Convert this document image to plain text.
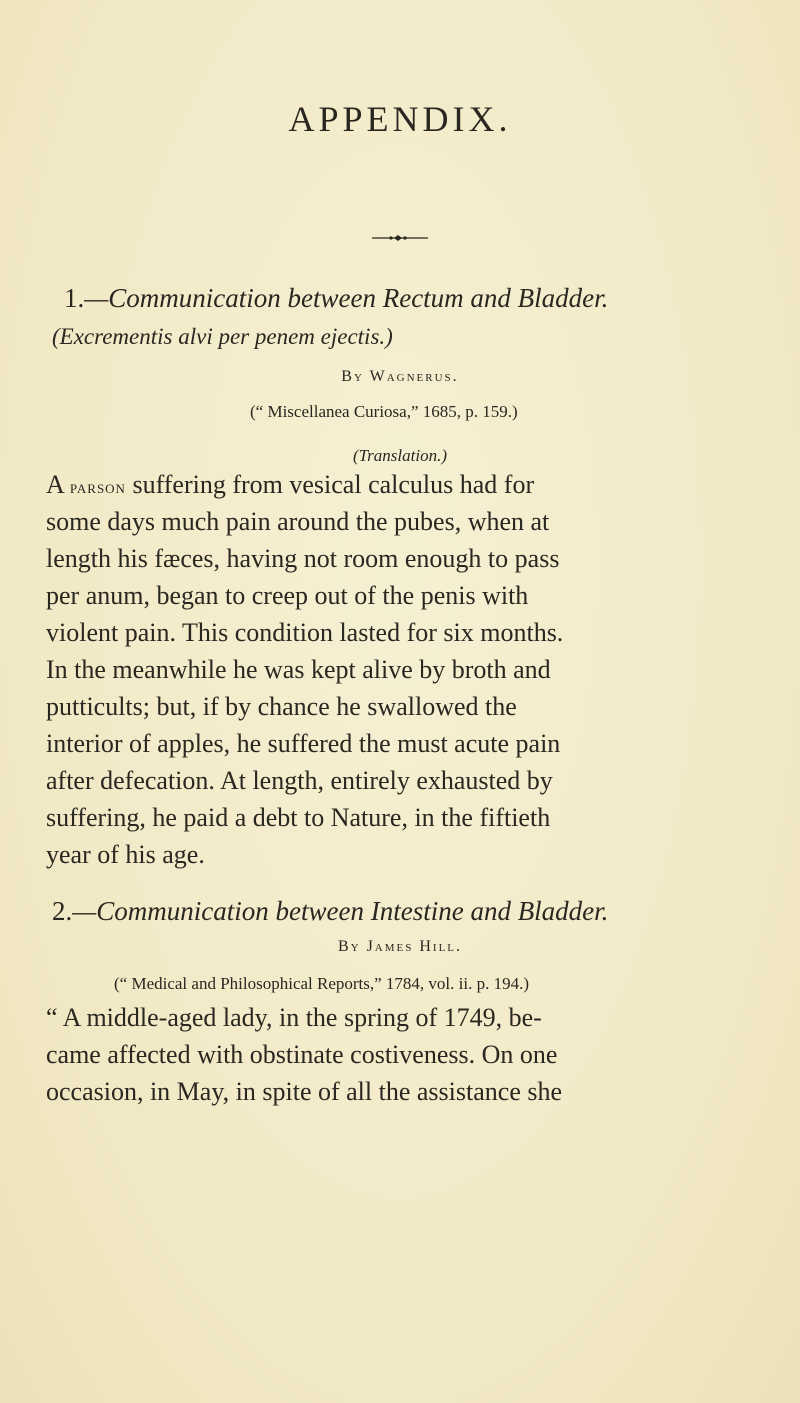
APPENDIX.
1.—Communication between Rectum and Bladder.
(Excrementis alvi per penem ejectis.)
By Wagnerus.
(“ Miscellanea Curiosa,” 1685, p. 159.)
(Translation.)
A parson suffering from vesical calculus had for
some days much pain around the pubes, when at
length his fæces, having not room enough to pass
per anum, began to creep out of the penis with
violent pain. This condition lasted for six months.
In the meanwhile he was kept alive by broth and
putticults; but, if by chance he swallowed the
interior of apples, he suffered the must acute pain
after defecation. At length, entirely exhausted by
suffering, he paid a debt to Nature, in the fiftieth
year of his age.
2.—Communication between Intestine and Bladder.
By James Hill.
(“ Medical and Philosophical Reports,” 1784, vol. ii. p. 194.)
“ A middle-aged lady, in the spring of 1749, be-
came affected with obstinate costiveness. On one
occasion, in May, in spite of all the assistance she
